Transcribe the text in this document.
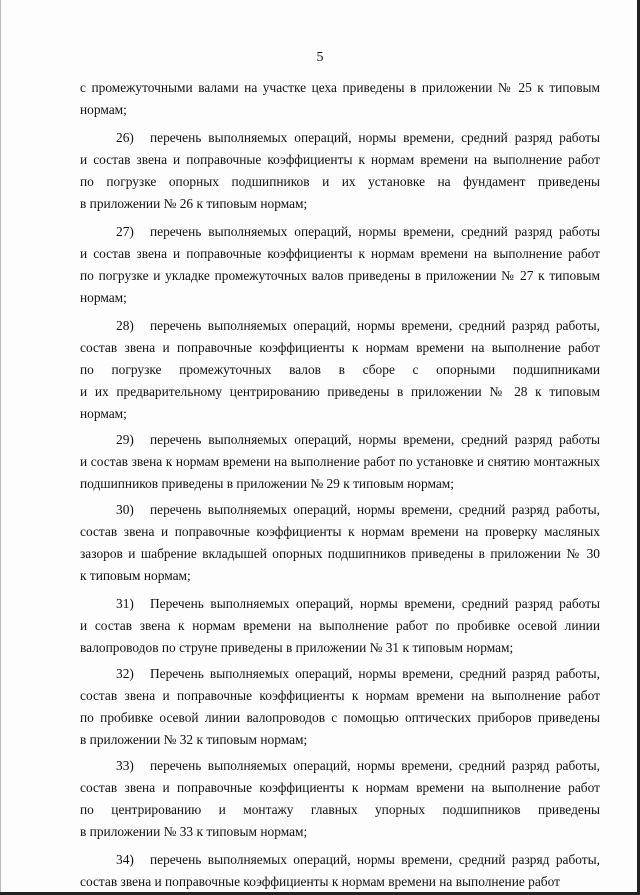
5
с промежуточными валами на участке цеха приведены в приложении № 25 к типовым
нормам;
26)	перечень выполняемых операций, нормы времени, средний разряд работы
и состав звена и поправочные коэффициенты к нормам времени на выполнение работ
по погрузке опорных подшипников и их установке на фундамент приведены
в приложении № 26 к типовым нормам;
27)	перечень выполняемых операций, нормы времени, средний разряд работы
и состав звена и поправочные коэффициенты к нормам времени на выполнение работ
по погрузке и укладке промежуточных валов приведены в приложении № 27 к типовым
нормам;
28)	перечень выполняемых операций, нормы времени, средний разряд работы,
состав звена и поправочные коэффициенты к нормам времени на выполнение работ
по погрузке промежуточных валов в сборе с опорными подшипниками
и их предварительному центрированию приведены в приложении № 28 к типовым нормам;
29)	перечень выполняемых операций, нормы времени, средний разряд работы
и состав звена к нормам времени на выполнение работ по установке и снятию монтажных
подшипников приведены в приложении № 29 к типовым нормам;
30)	перечень выполняемых операций, нормы времени, средний разряд работы,
состав звена и поправочные коэффициенты к нормам времени на проверку масляных
зазоров и шабрение вкладышей опорных подшипников приведены в приложении № 30
к типовым нормам;
31)	Перечень выполняемых операций, нормы времени, средний разряд работы
и состав звена к нормам времени на выполнение работ по пробивке осевой линии
валопроводов по струне приведены в приложении № 31 к типовым нормам;
32)	Перечень выполняемых операций, нормы времени, средний разряд работы,
состав звена и поправочные коэффициенты к нормам времени на выполнение работ
по пробивке осевой линии валопроводов с помощью оптических приборов приведены
в приложении № 32 к типовым нормам;
33)	перечень выполняемых операций, нормы времени, средний разряд работы,
состав звена и поправочные коэффициенты к нормам времени на выполнение работ
по центрированию и монтажу главных упорных подшипников приведены
в приложении № 33 к типовым нормам;
34)	перечень выполняемых операций, нормы времени, средний разряд работы,
состав звена и поправочные коэффициенты к нормам времени на выполнение работ
